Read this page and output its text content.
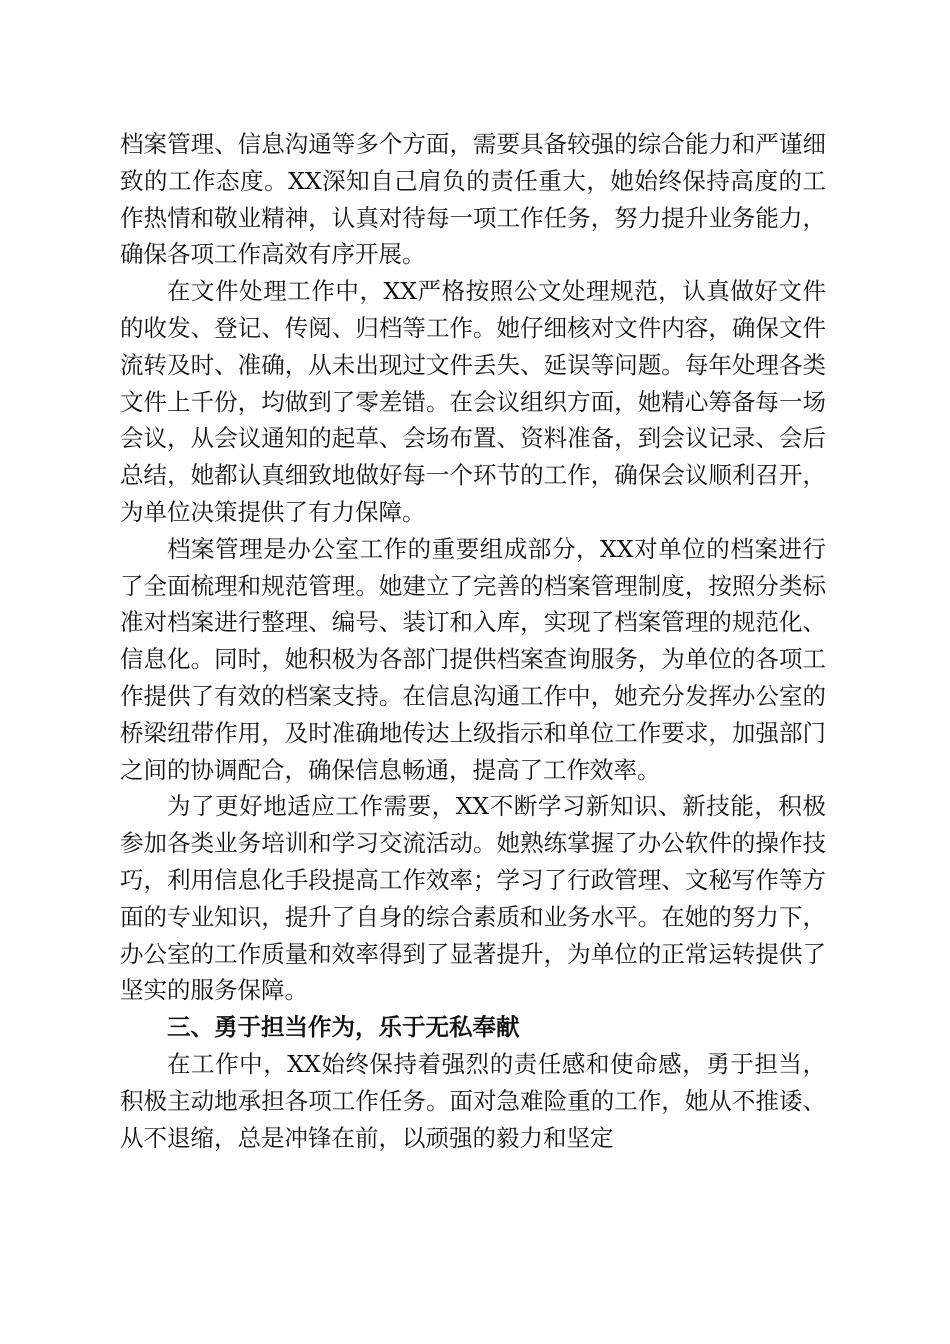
档案管理、信息沟通等多个方面，需要具备较强的综合能力和严谨细致的工作态度。XX深知自己肩负的责任重大，她始终保持高度的工作热情和敬业精神，认真对待每一项工作任务，努力提升业务能力，确保各项工作高效有序开展。

在文件处理工作中，XX严格按照公文处理规范，认真做好文件的收发、登记、传阅、归档等工作。她仔细核对文件内容，确保文件流转及时、准确，从未出现过文件丢失、延误等问题。每年处理各类文件上千份，均做到了零差错。在会议组织方面，她精心筹备每一场会议，从会议通知的起草、会场布置、资料准备，到会议记录、会后总结，她都认真细致地做好每一个环节的工作，确保会议顺利召开，为单位决策提供了有力保障。

档案管理是办公室工作的重要组成部分，XX对单位的档案进行了全面梳理和规范管理。她建立了完善的档案管理制度，按照分类标准对档案进行整理、编号、装订和入库，实现了档案管理的规范化、信息化。同时，她积极为各部门提供档案查询服务，为单位的各项工作提供了有效的档案支持。在信息沟通工作中，她充分发挥办公室的桥梁纽带作用，及时准确地传达上级指示和单位工作要求，加强部门之间的协调配合，确保信息畅通，提高了工作效率。

为了更好地适应工作需要，XX不断学习新知识、新技能，积极参加各类业务培训和学习交流活动。她熟练掌握了办公软件的操作技巧，利用信息化手段提高工作效率；学习了行政管理、文秘写作等方面的专业知识，提升了自身的综合素质和业务水平。在她的努力下，办公室的工作质量和效率得到了显著提升，为单位的正常运转提供了坚实的服务保障。

三、勇于担当作为，乐于无私奉献

在工作中，XX始终保持着强烈的责任感和使命感，勇于担当，积极主动地承担各项工作任务。面对急难险重的工作，她从不推诿、从不退缩，总是冲锋在前，以顽强的毅力和坚定
